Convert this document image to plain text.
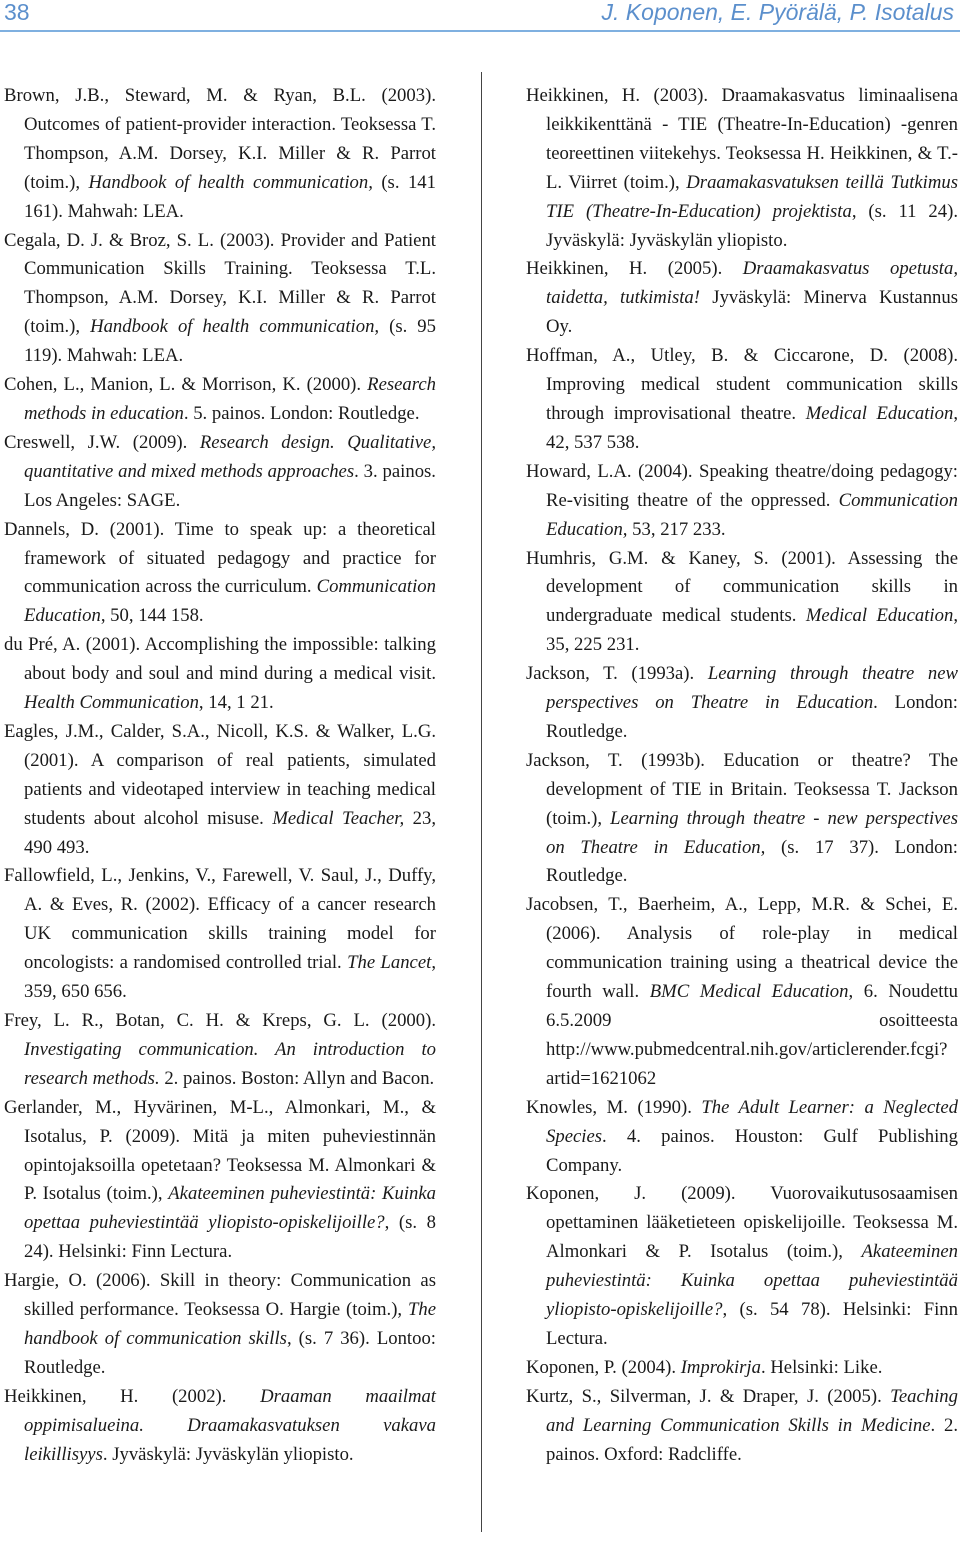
38	J. Koponen, E. Pyörälä, P. Isotalus

Brown, J.B., Steward, M. & Ryan, B.L. (2003). Outcomes of patient-provider interaction. Teoksessa T. Thompson, A.M. Dorsey, K.I. Miller & R. Parrot (toim.), Handbook of health communication, (s. 141 161). Mahwah: LEA.

Cegala, D. J. & Broz, S. L. (2003). Provider and Patient Communication Skills Training. Teoksessa T.L. Thompson, A.M. Dorsey, K.I. Miller & R. Parrot (toim.), Handbook of health communication, (s. 95 119). Mahwah: LEA.

Cohen, L., Manion, L. & Morrison, K. (2000). Research methods in education. 5. painos. London: Routledge.

Creswell, J.W. (2009). Research design. Qualitative, quantitative and mixed methods approaches. 3. painos. Los Angeles: SAGE.

Dannels, D. (2001). Time to speak up: a theoretical framework of situated pedagogy and practice for communication across the curriculum. Communication Education, 50, 144 158.

du Pré, A. (2001). Accomplishing the impossible: talking about body and soul and mind during a medical visit. Health Communication, 14, 1 21.

Eagles, J.M., Calder, S.A., Nicoll, K.S. & Walker, L.G. (2001). A comparison of real patients, simulated patients and videotaped interview in teaching medical students about alcohol misuse. Medical Teacher, 23, 490 493.

Fallowfield, L., Jenkins, V., Farewell, V. Saul, J., Duffy, A. & Eves, R. (2002). Efficacy of a cancer research UK communication skills training model for oncologists: a randomised controlled trial. The Lancet, 359, 650 656.

Frey, L. R., Botan, C. H. & Kreps, G. L. (2000). Investigating communication. An introduction to research methods. 2. painos. Boston: Allyn and Bacon.

Gerlander, M., Hyvärinen, M-L., Almonkari, M., & Isotalus, P. (2009). Mitä ja miten puheviestinnän opintojaksoilla opetetaan? Teoksessa M. Almonkari & P. Isotalus (toim.), Akateeminen puheviestintä: Kuinka opettaa puheviestintää yliopisto-opiskelijoille?, (s. 8 24). Helsinki: Finn Lectura.

Hargie, O. (2006). Skill in theory: Communication as skilled performance. Teoksessa O. Hargie (toim.), The handbook of communication skills, (s. 7 36). Lontoo: Routledge.

Heikkinen, H. (2002). Draaman maailmat oppimisalueina. Draamakasvatuksen vakava leikillisyys. Jyväskylä: Jyväskylän yliopisto.

Heikkinen, H. (2003). Draamakasvatus liminaalisena leikkikenttänä - TIE (Theatre-In-Education) -genren teoreettinen viitekehys. Teoksessa H. Heikkinen, & T.-L. Viirret (toim.), Draamakasvatuksen teillä Tutkimus TIE (Theatre-In-Education) projektista, (s. 11 24). Jyväskylä: Jyväskylän yliopisto.

Heikkinen, H. (2005). Draamakasvatus opetusta, taidetta, tutkimista! Jyväskylä: Minerva Kustannus Oy.

Hoffman, A., Utley, B. & Ciccarone, D. (2008). Improving medical student communication skills through improvisational theatre. Medical Education, 42, 537 538.

Howard, L.A. (2004). Speaking theatre/doing pedagogy: Re-visiting theatre of the oppressed. Communication Education, 53, 217 233.

Humhris, G.M. & Kaney, S. (2001). Assessing the development of communication skills in undergraduate medical students. Medical Education, 35, 225 231.

Jackson, T. (1993a). Learning through theatre new perspectives on Theatre in Education. London: Routledge.

Jackson, T. (1993b). Education or theatre? The development of TIE in Britain. Teoksessa T. Jackson (toim.), Learning through theatre - new perspectives on Theatre in Education, (s. 17 37). London: Routledge.

Jacobsen, T., Baerheim, A., Lepp, M.R. & Schei, E. (2006). Analysis of role-play in medical communication training using a theatrical device the fourth wall. BMC Medical Education, 6. Noudettu 6.5.2009 osoitteesta http://www.pubmedcentral.nih.gov/articlerender.fcgi?artid=1621062

Knowles, M. (1990). The Adult Learner: a Neglected Species. 4. painos. Houston: Gulf Publishing Company.

Koponen, J. (2009). Vuorovaikutusosaamisen opettaminen lääketieteen opiskelijoille. Teoksessa M. Almonkari & P. Isotalus (toim.), Akateeminen puheviestintä: Kuinka opettaa puheviestintää yliopisto-opiskelijoille?, (s. 54 78). Helsinki: Finn Lectura.

Koponen, P. (2004). Improkirja. Helsinki: Like.

Kurtz, S., Silverman, J. & Draper, J. (2005). Teaching and Learning Communication Skills in Medicine. 2. painos. Oxford: Radcliffe.
